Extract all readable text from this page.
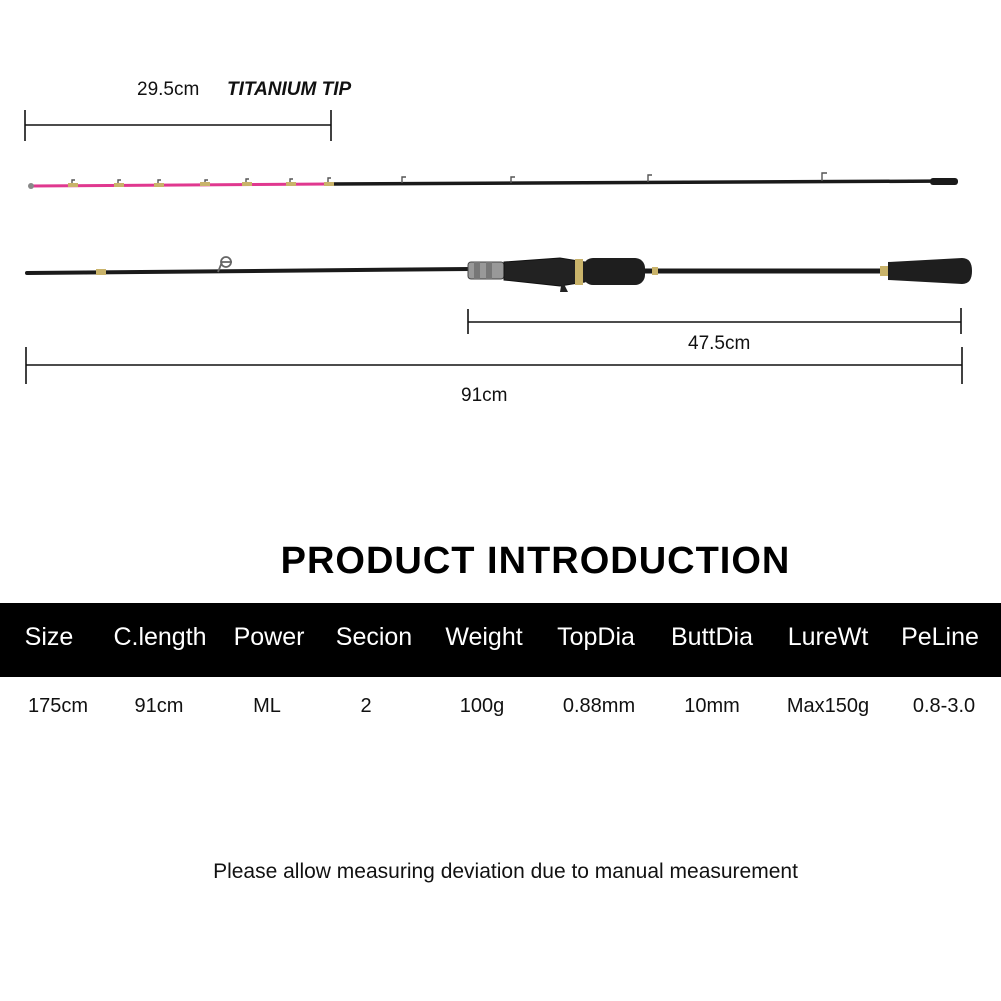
29.5cm TITANIUM TIP
47.5cm
91cm
PRODUCT INTRODUCTION
Size C.length Power Secion Weight TopDia ButtDia LureWt PeLine
175cm 91cm	ML	2	100g	0.88mm 10mm Max150g 0.8-3.0
Please allow measuring deviation due to manual measurement
